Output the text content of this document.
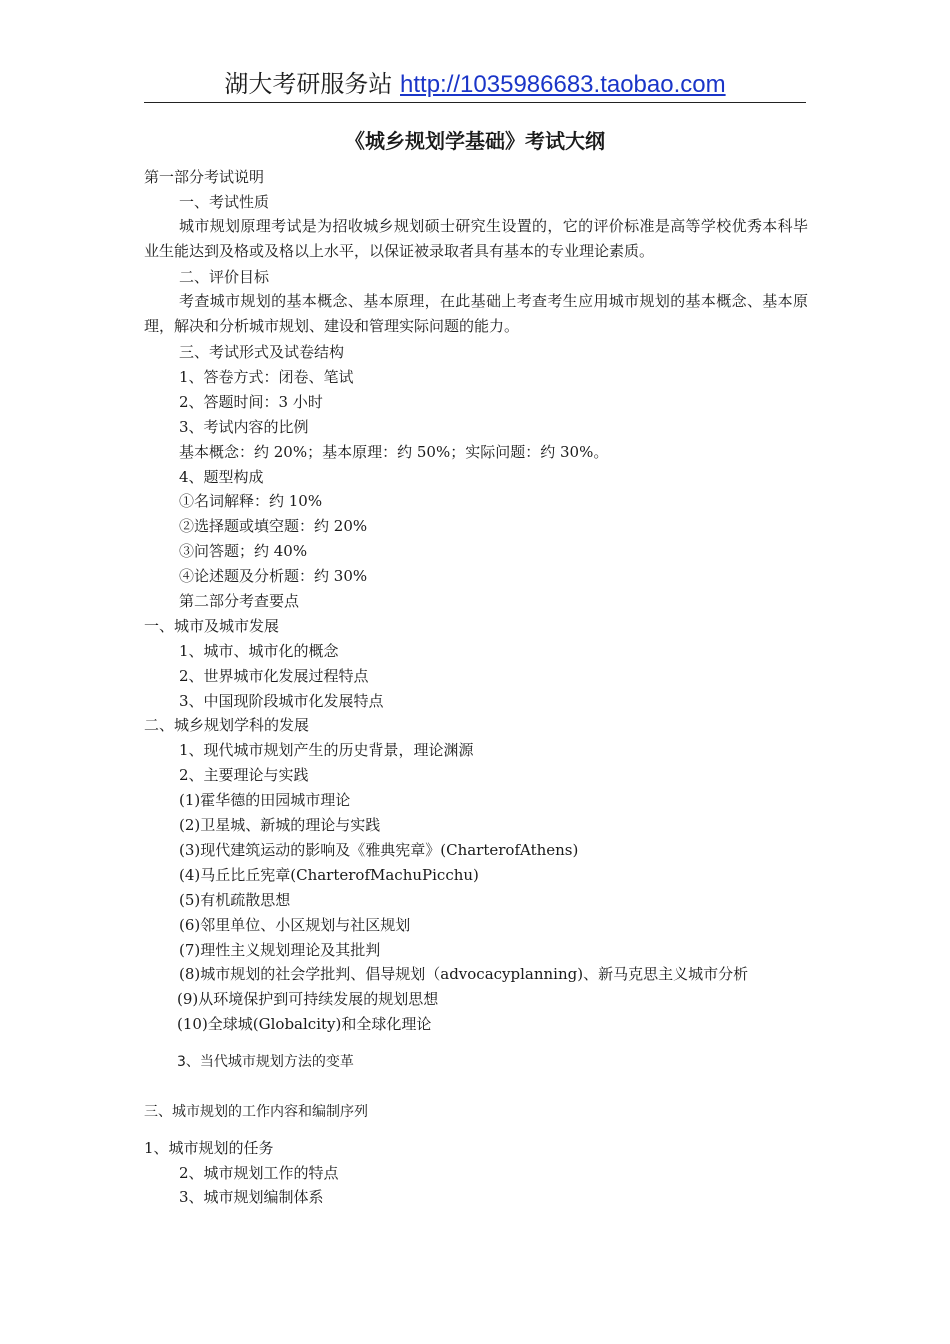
湖大考研服务站 http://1035986683.taobao.com
《城乡规划学基础》考试大纲
第一部分考试说明
一、考试性质
城市规划原理考试是为招收城乡规划硕士研究生设置的，它的评价标准是高等学校优秀本科毕业生能达到及格或及格以上水平，以保证被录取者具有基本的专业理论素质。
二、评价目标
考查城市规划的基本概念、基本原理，在此基础上考查考生应用城市规划的基本概念、基本原理，解决和分析城市规划、建设和管理实际问题的能力。
三、考试形式及试卷结构
1、答卷方式：闭卷、笔试
2、答题时间：3 小时
3、考试内容的比例
基本概念：约 20%；基本原理：约 50%；实际问题：约 30%。
4、题型构成
①名词解释：约 10%
②选择题或填空题：约 20%
③问答题；约 40%
④论述题及分析题：约 30%
第二部分考查要点
一、城市及城市发展
1、城市、城市化的概念
2、世界城市化发展过程特点
3、中国现阶段城市化发展特点
二、城乡规划学科的发展
1、现代城市规划产生的历史背景，理论渊源
2、主要理论与实践
(1)霍华德的田园城市理论
(2)卫星城、新城的理论与实践
(3)现代建筑运动的影响及《雅典宪章》(CharterofAthens)
(4)马丘比丘宪章(CharterofMachuPicchu)
(5)有机疏散思想
(6)邻里单位、小区规划与社区规划
(7)理性主义规划理论及其批判
(8)城市规划的社会学批判、倡导规划（advocacyplanning)、新马克思主义城市分析
(9)从环境保护到可持续发展的规划思想
(10)全球城(Globalcity)和全球化理论
3、当代城市规划方法的变革
三、城市规划的工作内容和编制序列
1、城市规划的任务
2、城市规划工作的特点
3、城市规划编制体系
